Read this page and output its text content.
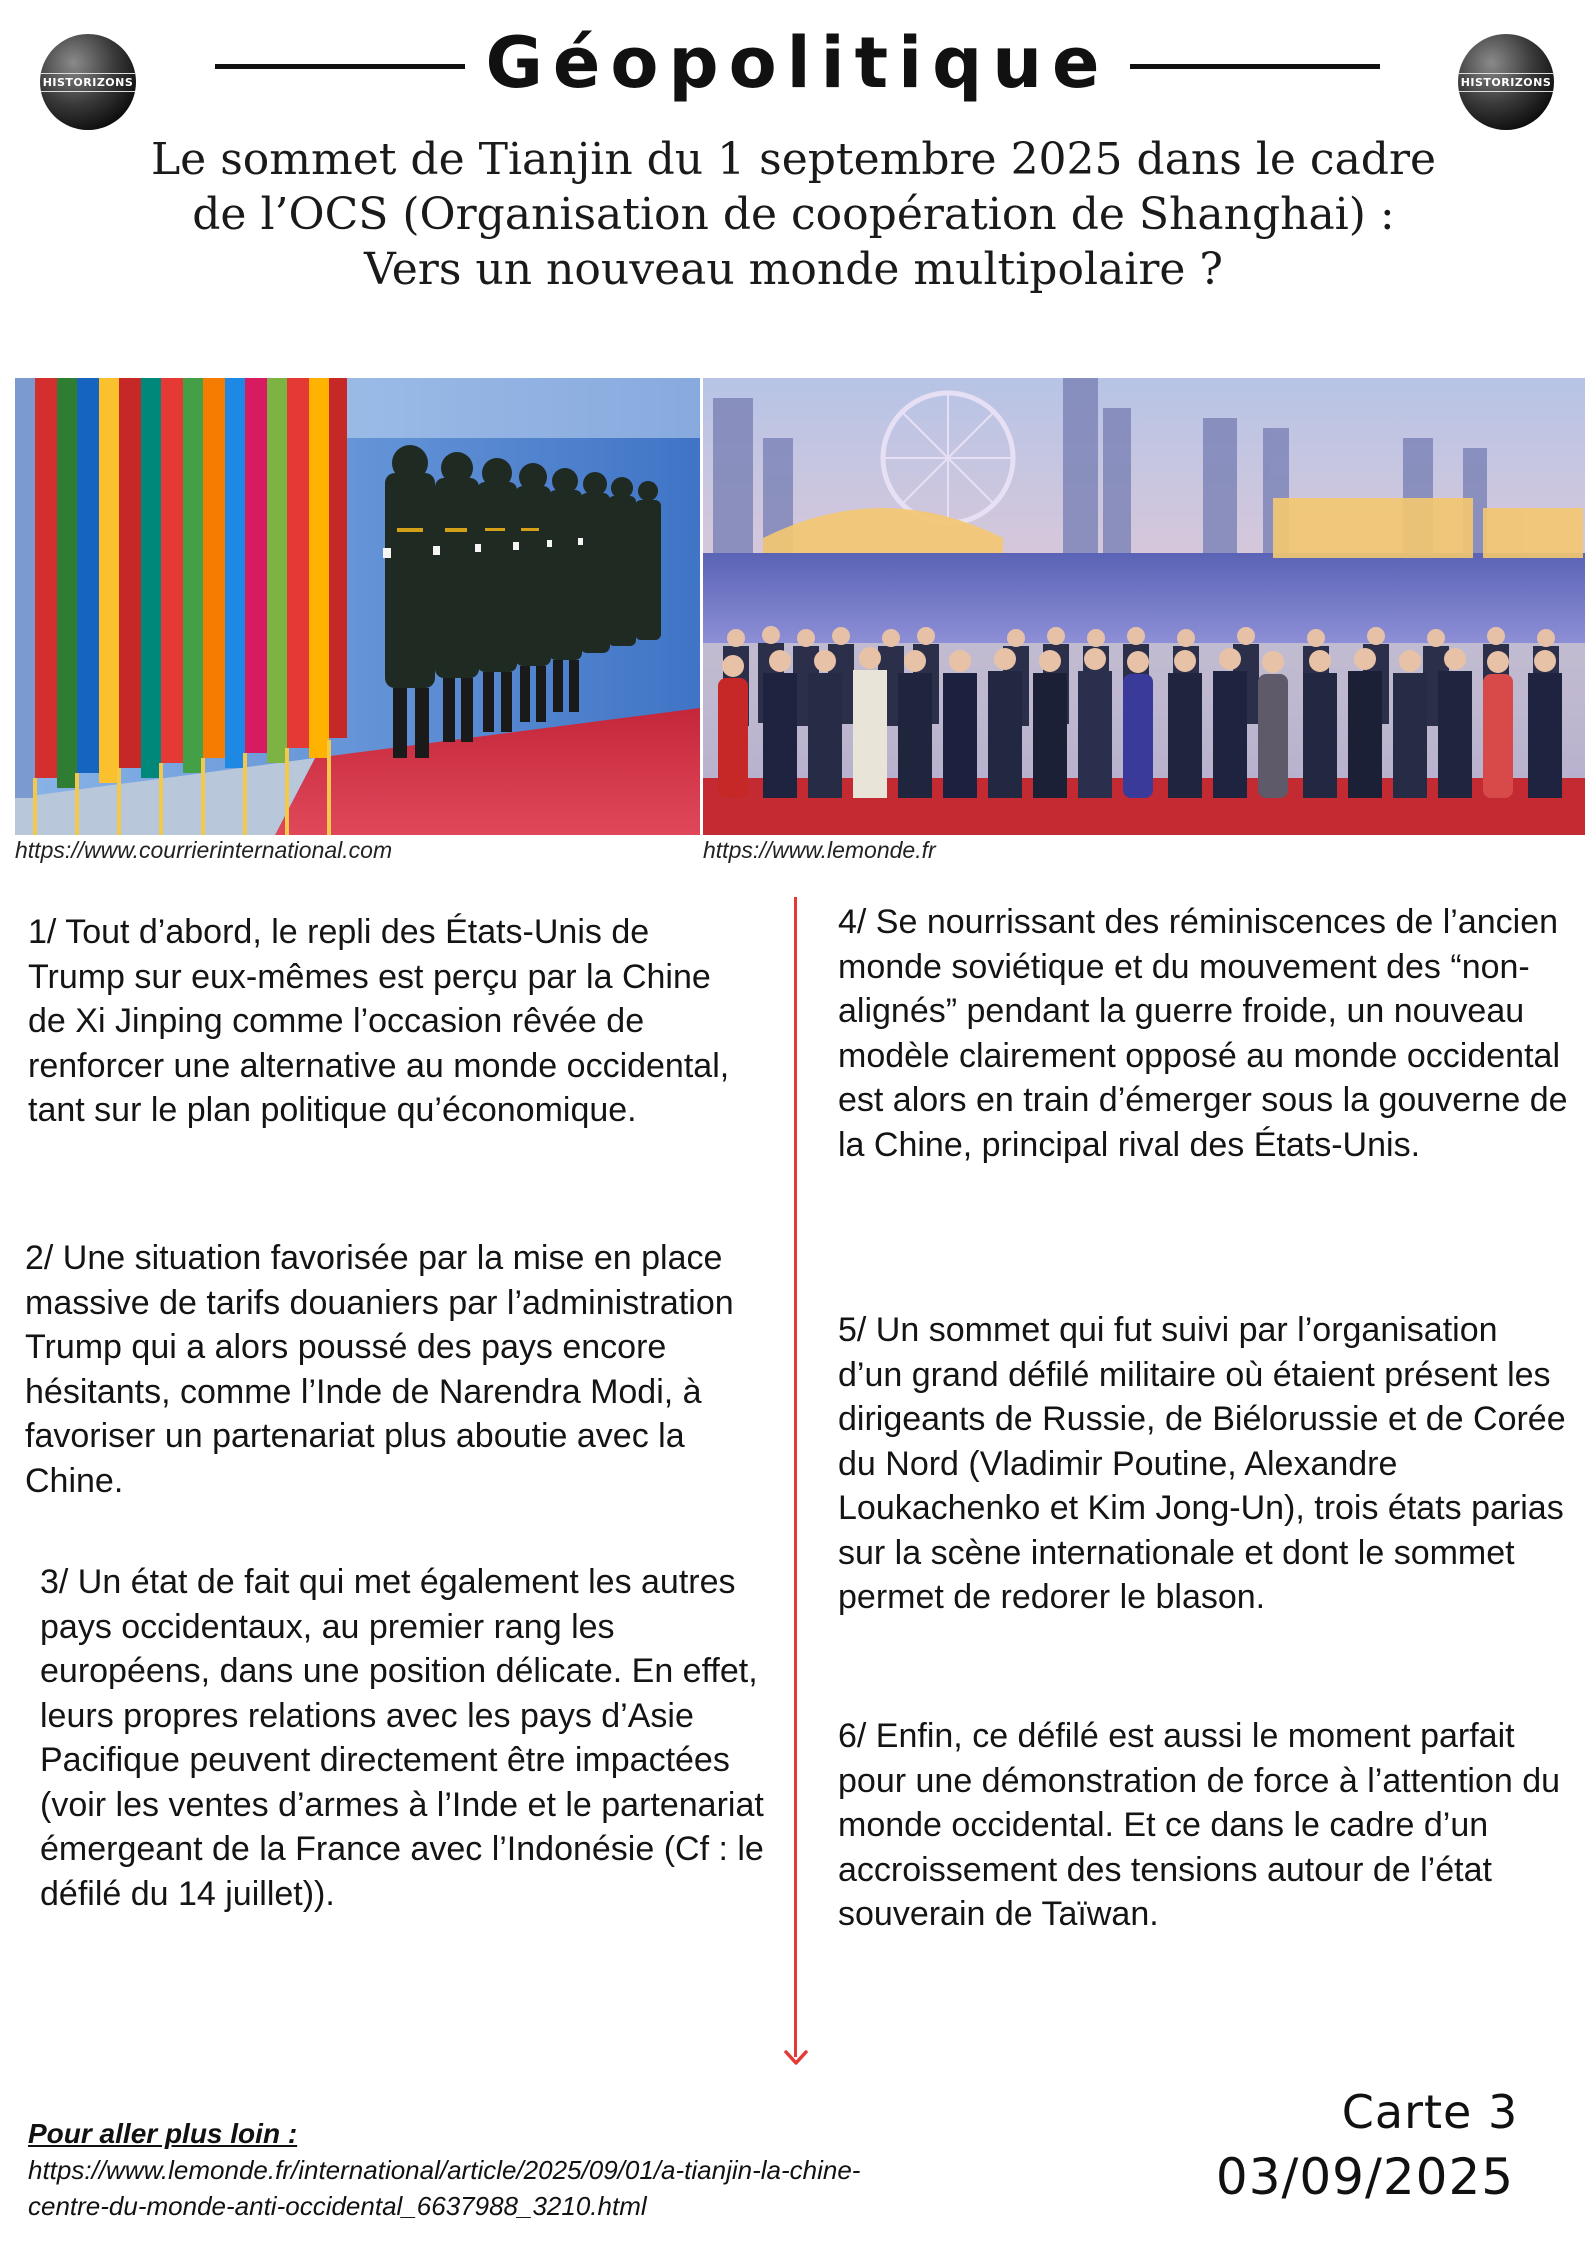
HISTORIZONS	HISTORIZONS
Géopolitique
Le sommet de Tianjin du 1 septembre 2025 dans le cadre
de l’OCS (Organisation de coopération de Shanghai) :
Vers un nouveau monde multipolaire ?
https://www.courrierinternational.com	https://www.lemonde.fr
1/ Tout d’abord, le repli des États-Unis de Trump sur eux-mêmes est perçu par la Chine de Xi Jinping comme l’occasion rêvée de renforcer une alternative au monde occidental, tant sur le plan politique qu’économique.
2/ Une situation favorisée par la mise en place massive de tarifs douaniers par l’administration Trump qui a alors poussé des pays encore hésitants, comme l’Inde de Narendra Modi, à favoriser un partenariat plus aboutie avec la Chine.
3/ Un état de fait qui met également les autres pays occidentaux, au premier rang les européens, dans une position délicate. En effet, leurs propres relations avec les pays d’Asie Pacifique peuvent directement être impactées (voir les ventes d’armes à l’Inde et le partenariat émergeant de la France avec l’Indonésie (Cf : le défilé du 14 juillet)).
4/ Se nourrissant des réminiscences de l’ancien monde soviétique et du mouvement des “non-alignés” pendant la guerre froide, un nouveau modèle clairement opposé au monde occidental est alors en train d’émerger sous la gouverne de la Chine, principal rival des États-Unis.
5/ Un sommet qui fut suivi par l’organisation d’un grand défilé militaire où étaient présent les dirigeants de Russie, de Biélorussie et de Corée du Nord (Vladimir Poutine, Alexandre Loukachenko et Kim Jong-Un), trois états parias sur la scène internationale et dont le sommet permet de redorer le blason.
6/ Enfin, ce défilé est aussi le moment parfait pour une démonstration de force à l’attention du monde occidental. Et ce dans le cadre d’un accroissement des tensions autour de l’état souverain de Taïwan.
Pour aller plus loin :
https://www.lemonde.fr/international/article/2025/09/01/a-tianjin-la-chine-
centre-du-monde-anti-occidental_6637988_3210.html
Carte 3
03/09/2025
